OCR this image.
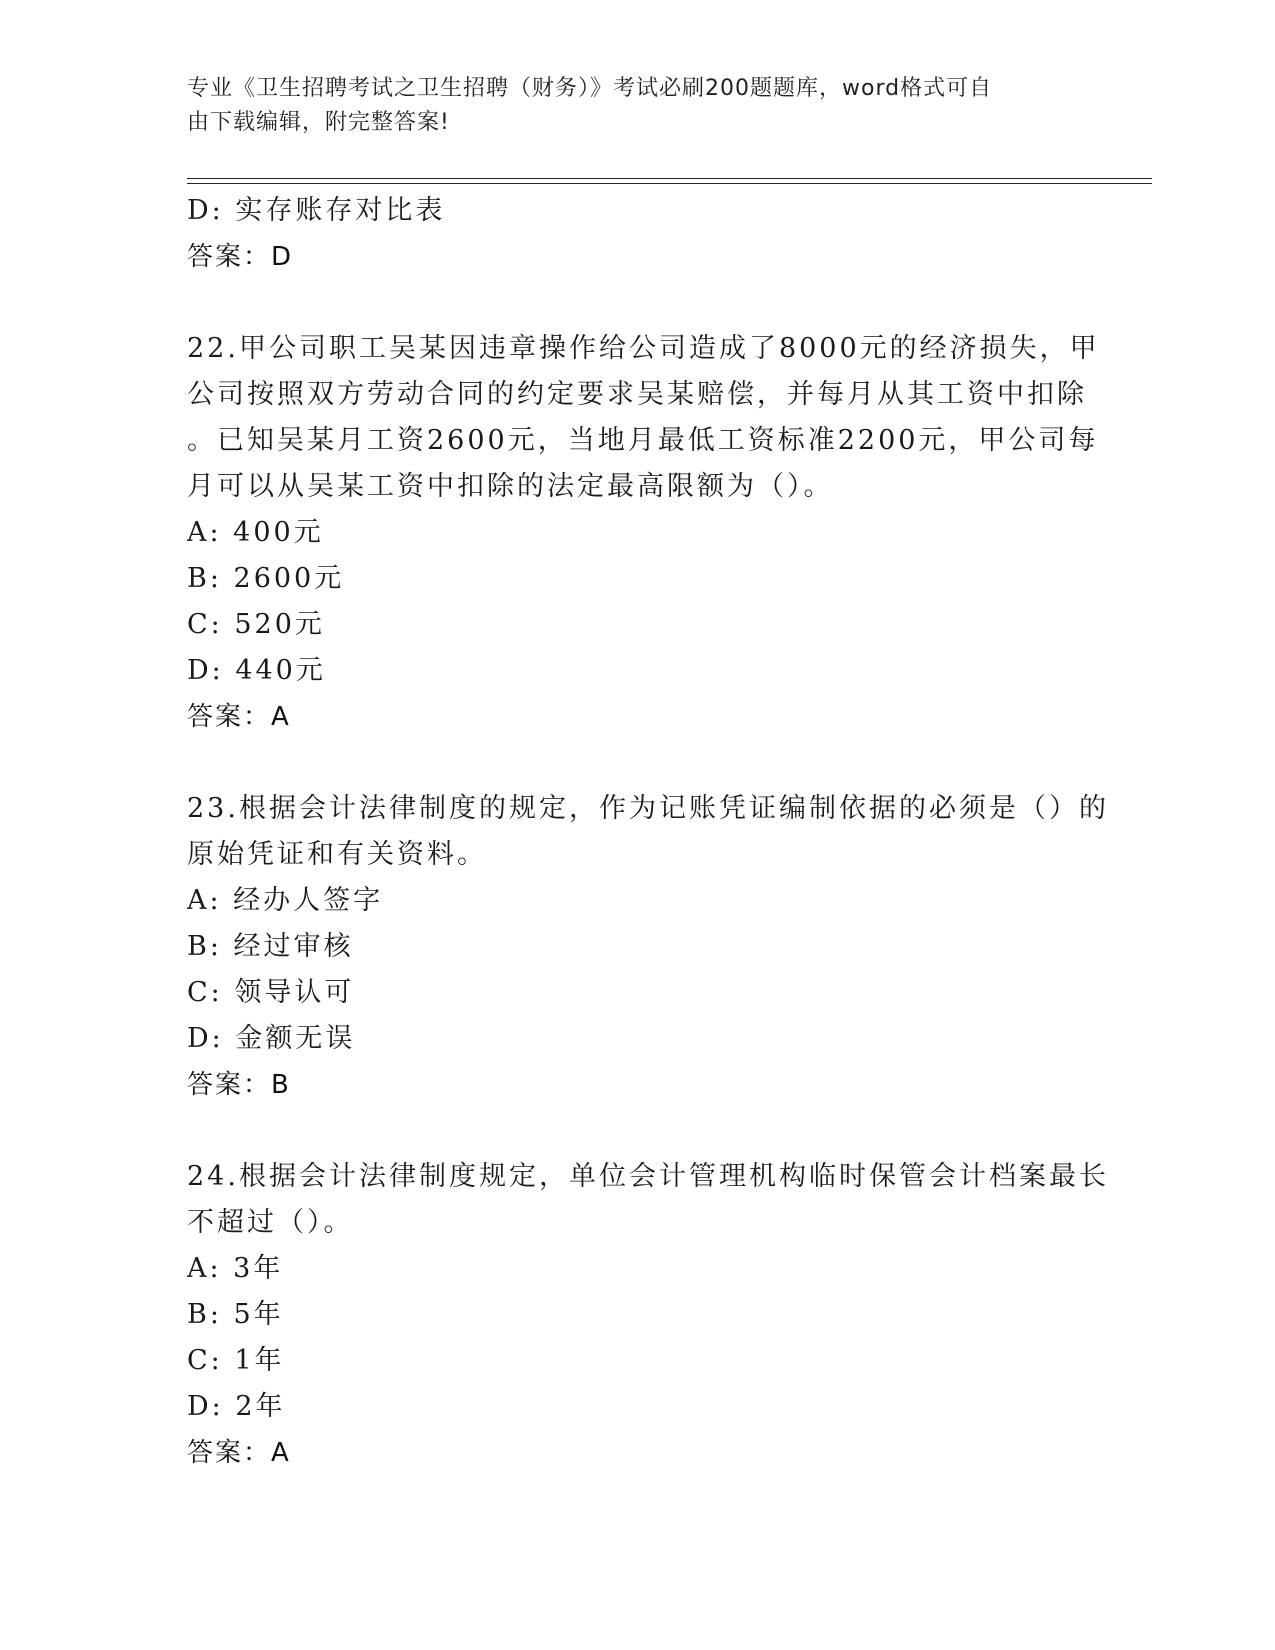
专业《卫生招聘考试之卫生招聘（财务）》考试必刷200题题库，word格式可自
由下载编辑，附完整答案!
D: 实存账存对比表
答案：D
22.甲公司职工吴某因违章操作给公司造成了8000元的经济损失，甲
公司按照双方劳动合同的约定要求吴某赔偿，并每月从其工资中扣除
。已知吴某月工资2600元，当地月最低工资标准2200元，甲公司每
月可以从吴某工资中扣除的法定最高限额为（）。
A: 400元
B: 2600元
C: 520元
D: 440元
答案：A
23.根据会计法律制度的规定，作为记账凭证编制依据的必须是（）的
原始凭证和有关资料。
A: 经办人签字
B: 经过审核
C: 领导认可
D: 金额无误
答案：B
24.根据会计法律制度规定，单位会计管理机构临时保管会计档案最长
不超过（）。
A: 3年
B: 5年
C: 1年
D: 2年
答案：A
